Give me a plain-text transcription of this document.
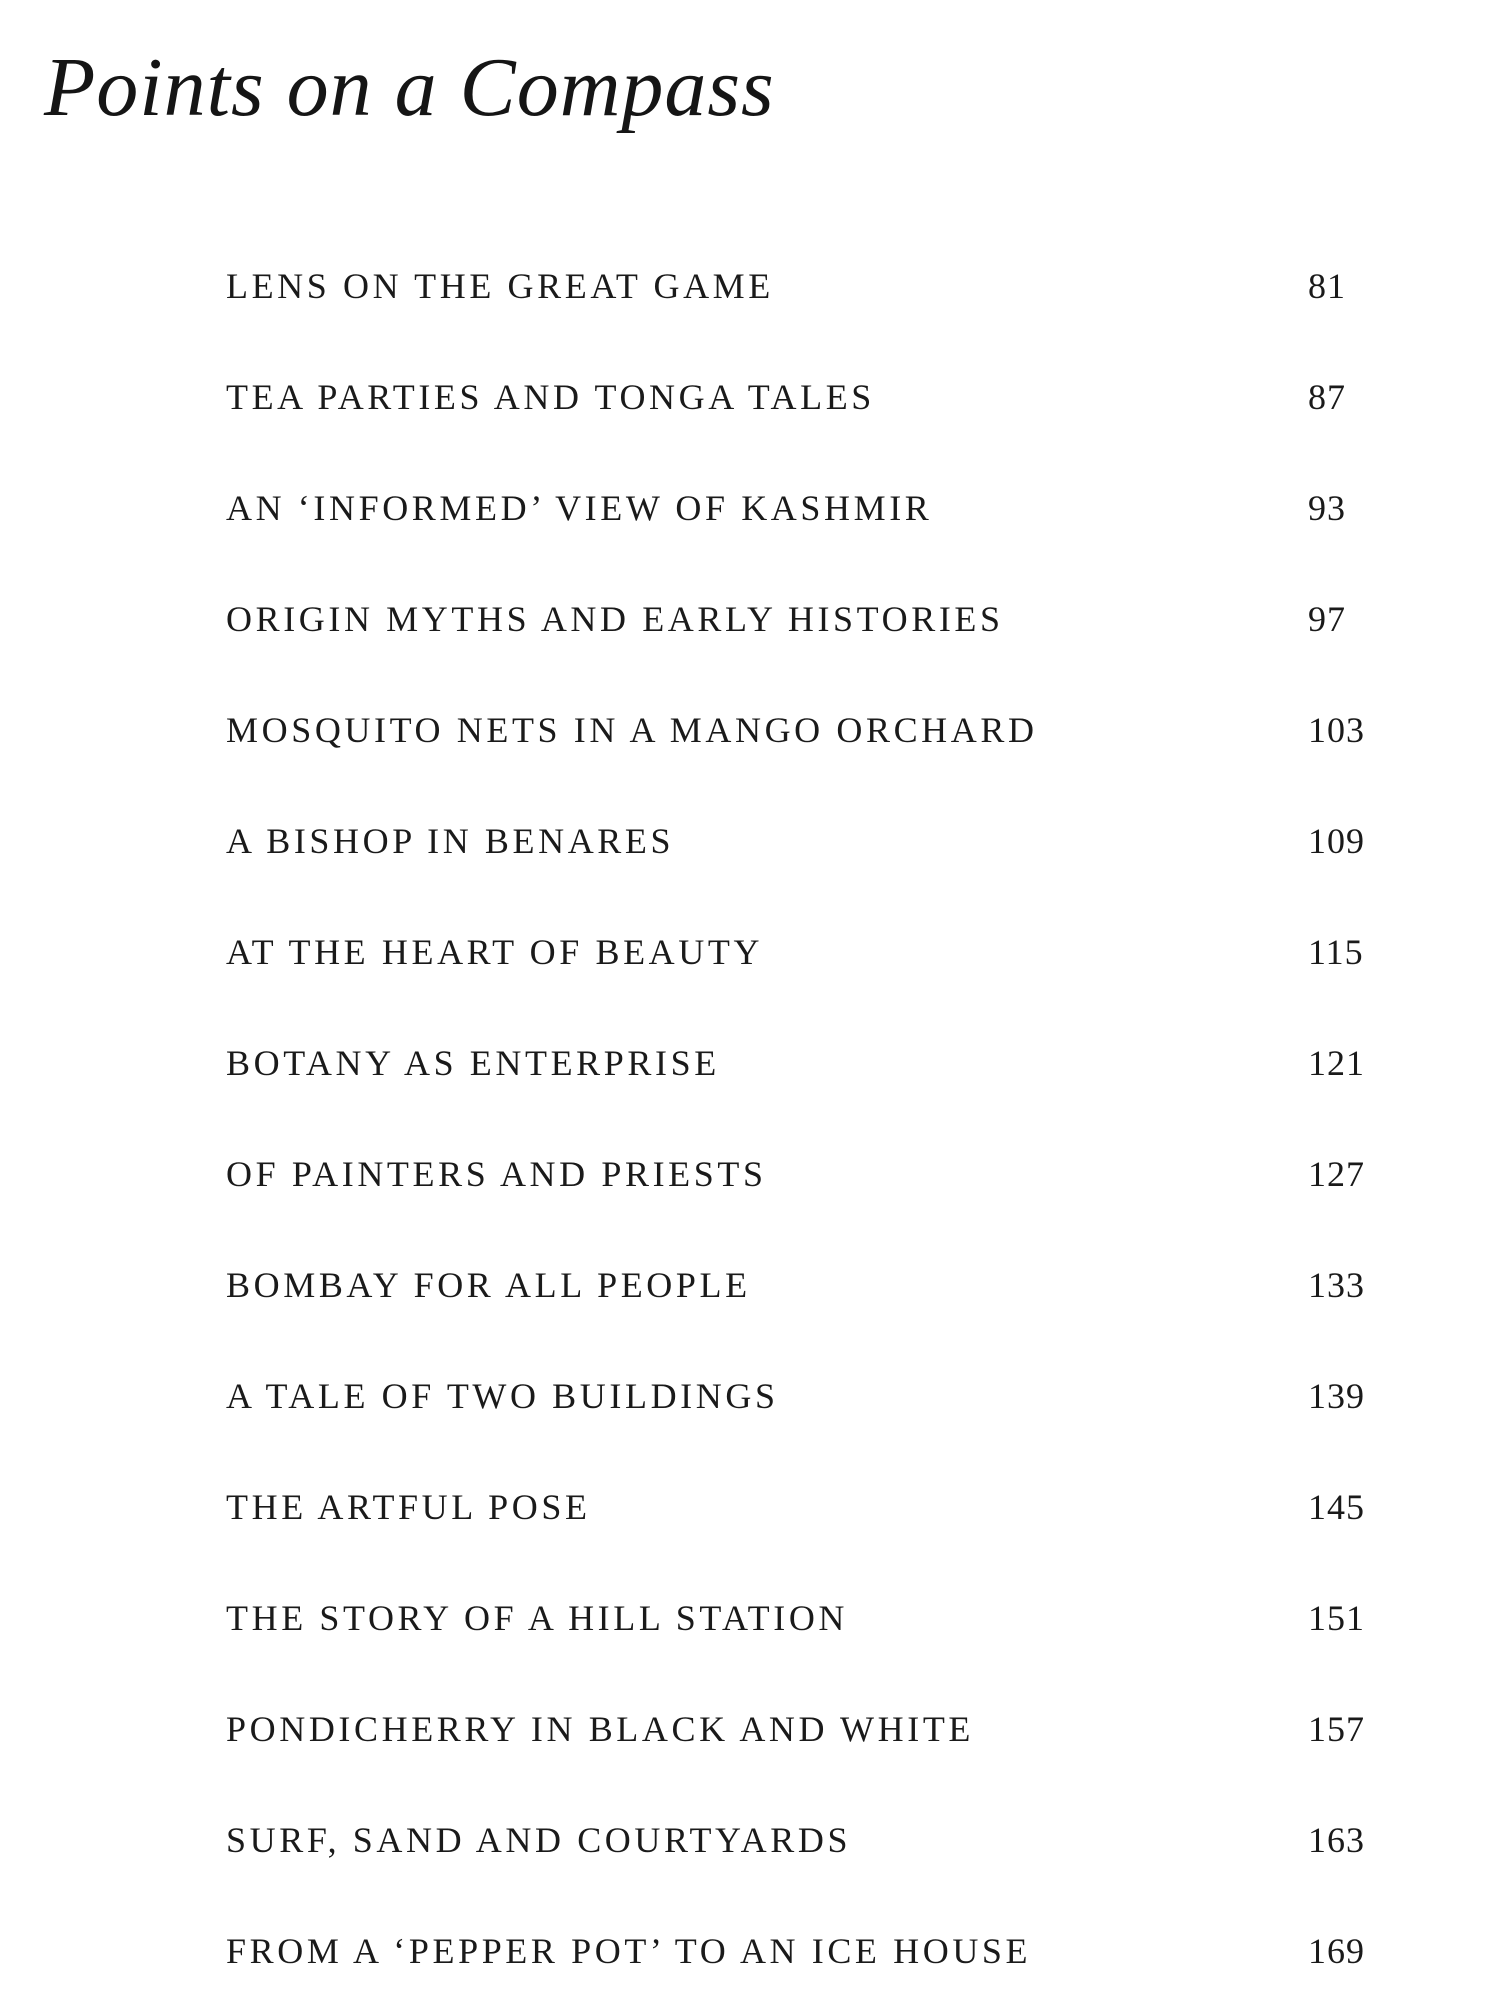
Points on a Compass
LENS ON THE GREAT GAME	81
TEA PARTIES AND TONGA TALES	87
AN ‘INFORMED’ VIEW OF KASHMIR	93
ORIGIN MYTHS AND EARLY HISTORIES	97
MOSQUITO NETS IN A MANGO ORCHARD	103
A BISHOP IN BENARES	109
AT THE HEART OF BEAUTY	115
BOTANY AS ENTERPRISE	121
OF PAINTERS AND PRIESTS	127
BOMBAY FOR ALL PEOPLE	133
A TALE OF TWO BUILDINGS	139
THE ARTFUL POSE	145
THE STORY OF A HILL STATION	151
PONDICHERRY IN BLACK AND WHITE	157
SURF, SAND AND COURTYARDS	163
FROM A ‘PEPPER POT’ TO AN ICE HOUSE	169
